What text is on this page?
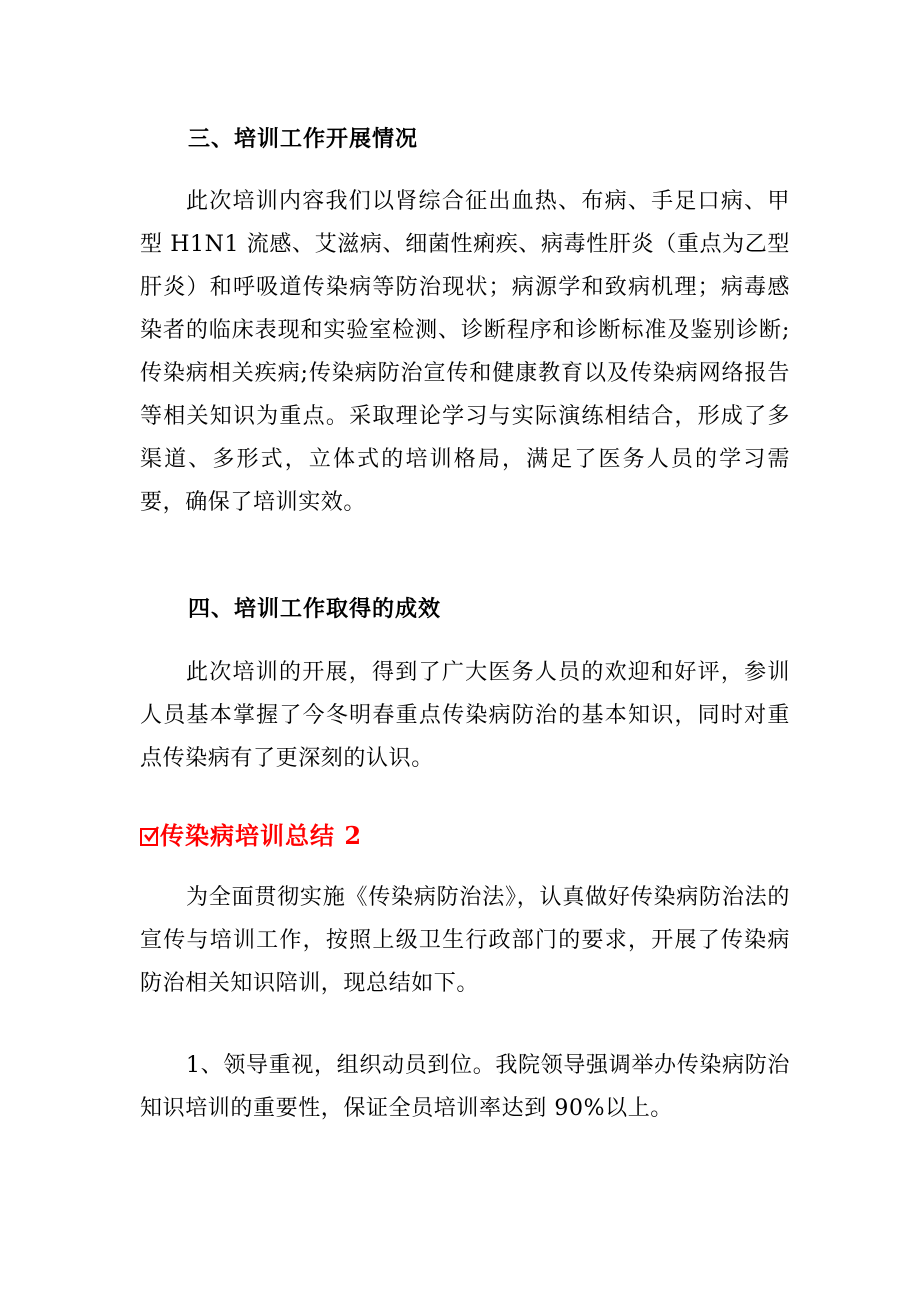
三、培训工作开展情况
此次培训内容我们以肾综合征出血热、布病、手足口病、甲型 H1N1 流感、艾滋病、细菌性痢疾、病毒性肝炎（重点为乙型肝炎）和呼吸道传染病等防治现状；病源学和致病机理；病毒感染者的临床表现和实验室检测、诊断程序和诊断标准及鉴别诊断;传染病相关疾病;传染病防治宣传和健康教育以及传染病网络报告等相关知识为重点。采取理论学习与实际演练相结合，形成了多渠道、多形式，立体式的培训格局，满足了医务人员的学习需要，确保了培训实效。
四、培训工作取得的成效
此次培训的开展，得到了广大医务人员的欢迎和好评，参训人员基本掌握了今冬明春重点传染病防治的基本知识，同时对重点传染病有了更深刻的认识。
传染病培训总结 2
为全面贯彻实施《传染病防治法》，认真做好传染病防治法的宣传与培训工作，按照上级卫生行政部门的要求，开展了传染病防治相关知识陪训，现总结如下。
1、领导重视，组织动员到位。我院领导强调举办传染病防治知识培训的重要性，保证全员培训率达到 90%以上。
